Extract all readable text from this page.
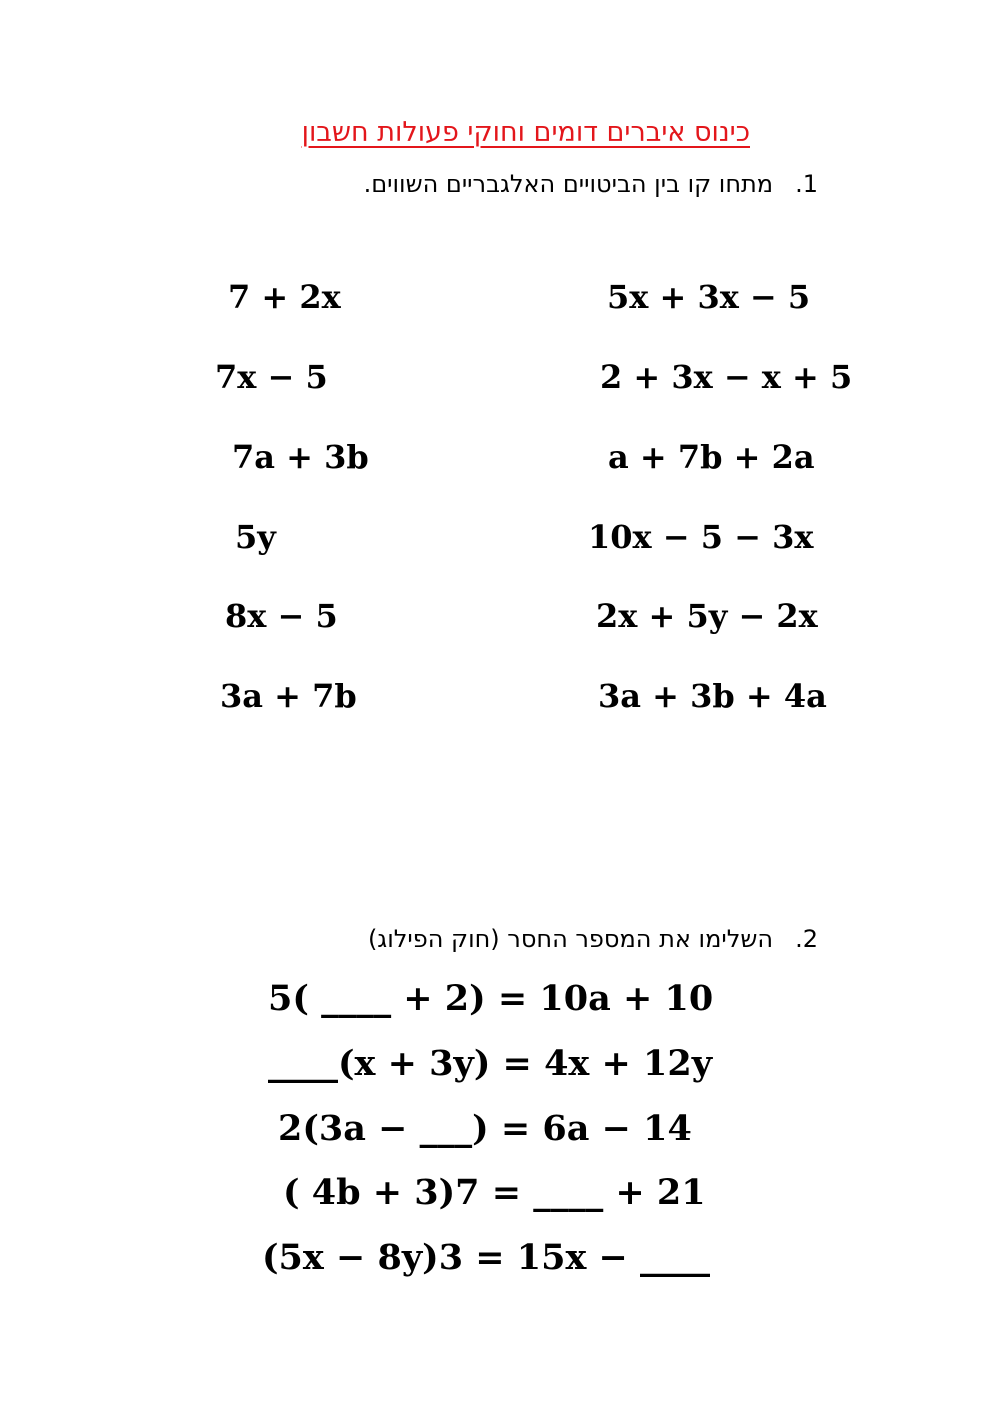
כינוס איברים דומים וחוקי פעולות חשבון
1.מתחו קו בין הביטויים האלגבריים השווים.
7 + 2x
7x − 5
7a + 3b
5y
8x − 5
3a + 7b
5x + 3x − 5
2 + 3x − x + 5
a + 7b + 2a
10x − 5 − 3x
2x + 5y − 2x
3a + 3b + 4a
2.השלימו את המספר החסר (חוק הפילוג)
5( ____ + 2) = 10a + 10
____(x + 3y) = 4x + 12y
2(3a − ___) = 6a − 14
( 4b + 3)7 = ____ + 21
(5x − 8y)3 = 15x − ____
